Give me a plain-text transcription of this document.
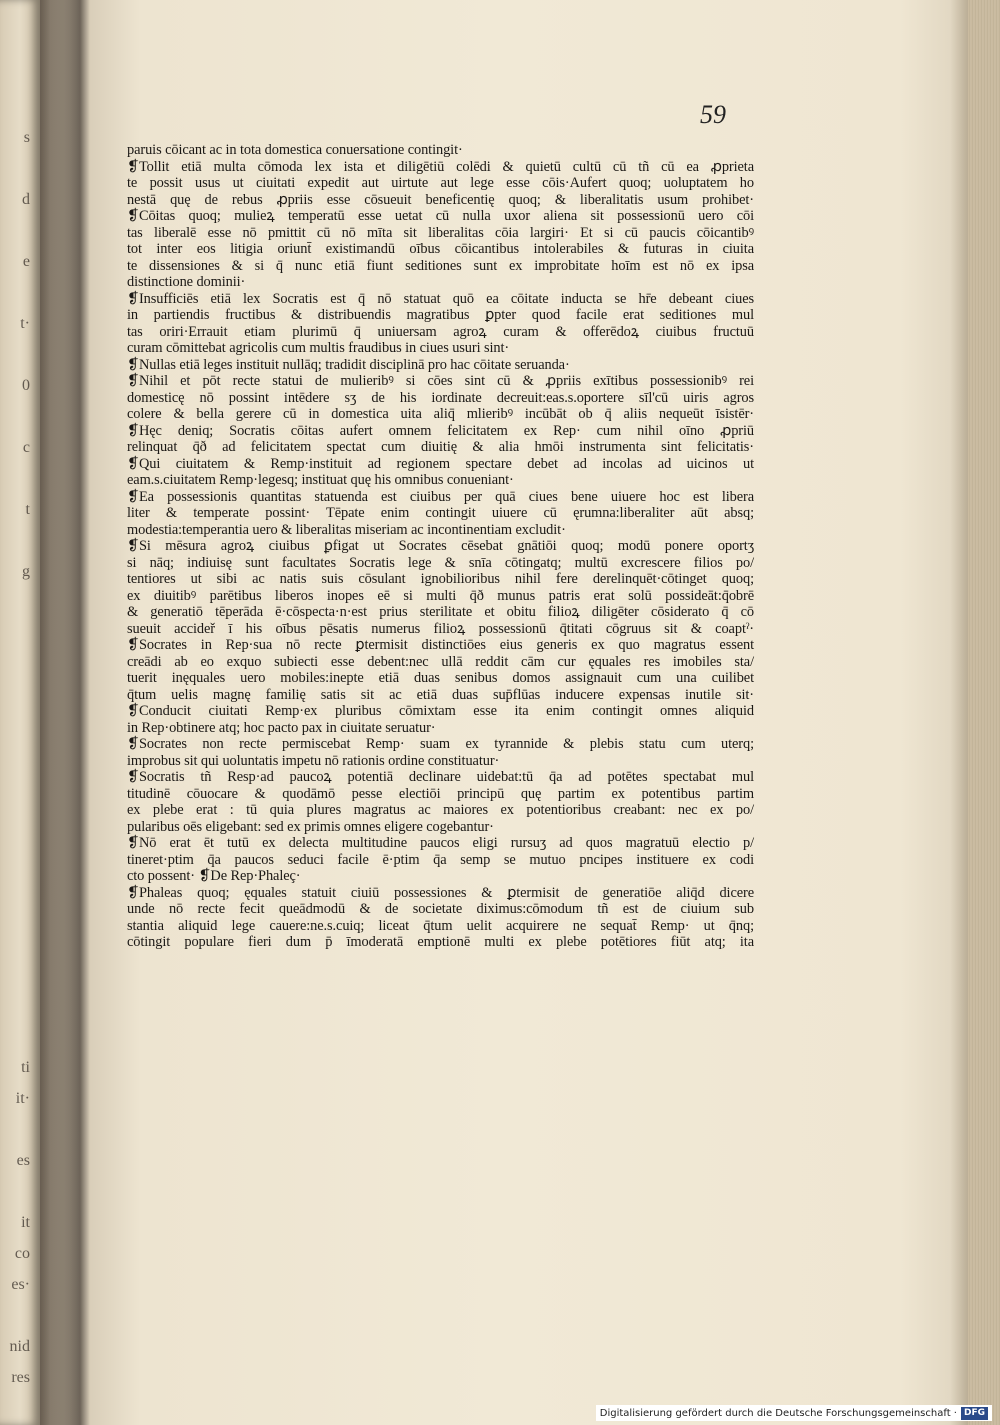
s

d

e

t·

0

c

t

g

ti
it·

es

it
co
es·

nid
res
59
paruis cōicant ac in tota domestica conuersatione contingit·
❡Tollit etiā multa cōmoda lex ista et diligētiū colēdi & quietū cultū cū tñ cū ea ꝓprieta
te possit usus ut ciuitati expedit aut uirtute aut lege esse cōis·Aufert quoq; uoluptatem ho
nestā quę de rebus ꝓpriis esse cōsueuit beneficentię quoq; & liberalitatis usum prohibet·
❡Cōitas quoq; mulieꝝ temperatū esse uetat cū nulla uxor aliena sit possessionū uero cōi
tas liberalē esse nō pmittit cū nō mīta sit liberalitas cōia largiri· Et si cū paucis cōicantibꝰ
tot inter eos litigia oriunt̄ existimandū oībus cōicantibus intolerabiles & futuras in ciuita
te dissensiones & si q̄ nunc etiā fiunt seditiones sunt ex improbitate hoīm est nō ex ipsa
distinctione dominii·
❡Insufficiēs etiā lex Socratis est q̄ nō statuat quō ea cōitate inducta se hr̄e debeant ciues
in partiendis fructibus & distribuendis magratibus ꝑpter quod facile erat seditiones mul
tas oriri·Errauit etiam plurimū q̄ uniuersam agroꝝ curam & offerēdoꝝ ciuibus fructuū
curam cōmittebat agricolis cum multis fraudibus in ciues usuri sint·
❡Nullas etiā leges instituit nullāq; tradidit disciplinā pro hac cōitate seruanda·
❡Nihil et pōt recte statui de mulieribꝰ si cōes sint cū & ꝓpriis exītibus possessionibꝰ rei
domesticę nō possint intēdere sʒ de his iordinate decreuit:eas.s.oportere sīl'cū uiris agros
colere & bella gerere cū in domestica uita aliq̄ mlieribꝰ incūbāt ob q̄ aliis nequeūt īsistēr·
❡Hęc deniq; Socratis cōitas aufert omnem felicitatem ex Rep· cum nihil oīno ꝓpriū
relinquat q̄ð ad felicitatem spectat cum diuitię & alia hmōi instrumenta sint felicitatis·
❡Qui ciuitatem & Remp·instituit ad regionem spectare debet ad incolas ad uicinos ut
eam.s.ciuitatem Remp·legesq; instituat quę his omnibus conueniant·
❡Ea possessionis quantitas statuenda est ciuibus per quā ciues bene uiuere hoc est libera
liter & temperate possint· Tēpate enim contingit uiuere cū ęrumna:liberaliter aūt absq;
modestia:temperantia uero & liberalitas miseriam ac incontinentiam excludit·
❡Si mēsura agroꝝ ciuibus ꝑfigat ut Socrates cēsebat gnātiōi quoq; modū ponere oportʒ
si nāq; indiuisę sunt facultates Socratis lege & snīa cōtingatq; multū excrescere filios po/
tentiores ut sibi ac natis suis cōsulant ignobilioribus nihil fere derelinquēt·cōtinget quoq;
ex diuitibꝰ parētibus liberos inopes eē si multi q̄ð munus patris erat solū possideāt:q̄obrē
& generatiō tēperāda ē·cōspecta·n·est prius sterilitate et obitu filioꝝ diligēter cōsiderato q̄ cō
sueuit accideř ī his oībus pēsatis numerus filioꝝ possessionū q̄titati cōgruus sit & coaptˀ·
❡Socrates in Rep·sua nō recte ꝑtermisit distinctiōes eius generis ex quo magratus essent
creādi ab eo exquo subiecti esse debent:nec ullā reddit cām cur ęquales res imobiles sta/
tuerit inęquales uero mobiles:inepte etiā duas senibus domos assignauit cum una cuilibet
q̄tum uelis magnę familię satis sit ac etiā duas sup̄flūas inducere expensas inutile sit·
❡Conducit ciuitati Remp·ex pluribus cōmixtam esse ita enim contingit omnes aliquid
in Rep·obtinere atq; hoc pacto pax in ciuitate seruatur·
❡Socrates non recte permiscebat Remp· suam ex tyrannide & plebis statu cum uterq;
improbus sit qui uoluntatis impetu nō rationis ordine constituatur·
❡Socratis tñ Resp·ad paucoꝝ potentiā declinare uidebat:tū q̄a ad potētes spectabat mul
titudinē cōuocare & quodāmō pesse electiōi principū quę partim ex potentibus partim
ex plebe erat : tū quia plures magratus ac maiores ex potentioribus creabant: nec ex po/
pularibus oēs eligebant: sed ex primis omnes eligere cogebantur·
❡Nō erat ēt tutū ex delecta multitudine paucos eligi rursuʒ ad quos magratuū electio p/
tineret·ptim q̄a paucos seduci facile ē·ptim q̄a semp se mutuo pncipes instituere ex codi
cto possent· ❡De Rep·Phaleç·
❡Phaleas quoq; ęquales statuit ciuiū possessiones & ꝑtermisit de generatiōe aliq̄d dicere
unde nō recte fecit queādmodū & de societate diximus:cōmodum tñ est de ciuium sub
stantia aliquid lege cauere:ne.s.cuiq; liceat q̄tum uelit acquirere ne sequat̄ Remp· ut q̄nq;
cōtingit populare fieri dum p̄ īmoderatā emptionē multi ex plebe potētiores fiūt atq; ita
Digitalisierung gefördert durch die Deutsche Forschungsgemeinschaft · DFG
